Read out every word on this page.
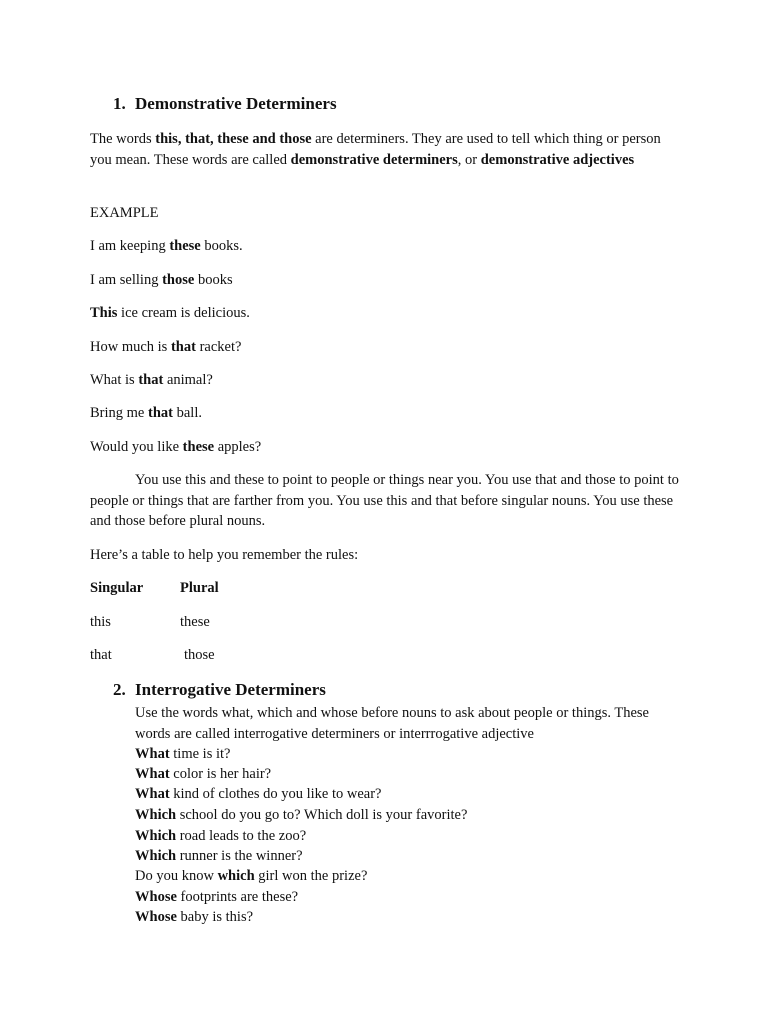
1. Demonstrative Determiners
The words this, that, these and those are determiners. They are used to tell which thing or person you mean. These words are called demonstrative determiners, or demonstrative adjectives
EXAMPLE
I am keeping these books.
I am selling those books
This ice cream is delicious.
How much is that racket?
What is that animal?
Bring me that ball.
Would you like these apples?
You use this and these to point to people or things near you. You use that and those to point to people or things that are farther from you. You use this and that before singular nouns. You use these and those before plural nouns.
Here’s a table to help you remember the rules:
Singular	Plural
this	these
that	those
2. Interrogative Determiners
Use the words what, which and whose before nouns to ask about people or things. These words are called interrogative determiners or interrrogative adjective
What time is it?
What color is her hair?
What kind of clothes do you like to wear?
Which school do you go to? Which doll is your favorite?
Which road leads to the zoo?
Which runner is the winner?
Do you know which girl won the prize?
Whose footprints are these?
Whose baby is this?
